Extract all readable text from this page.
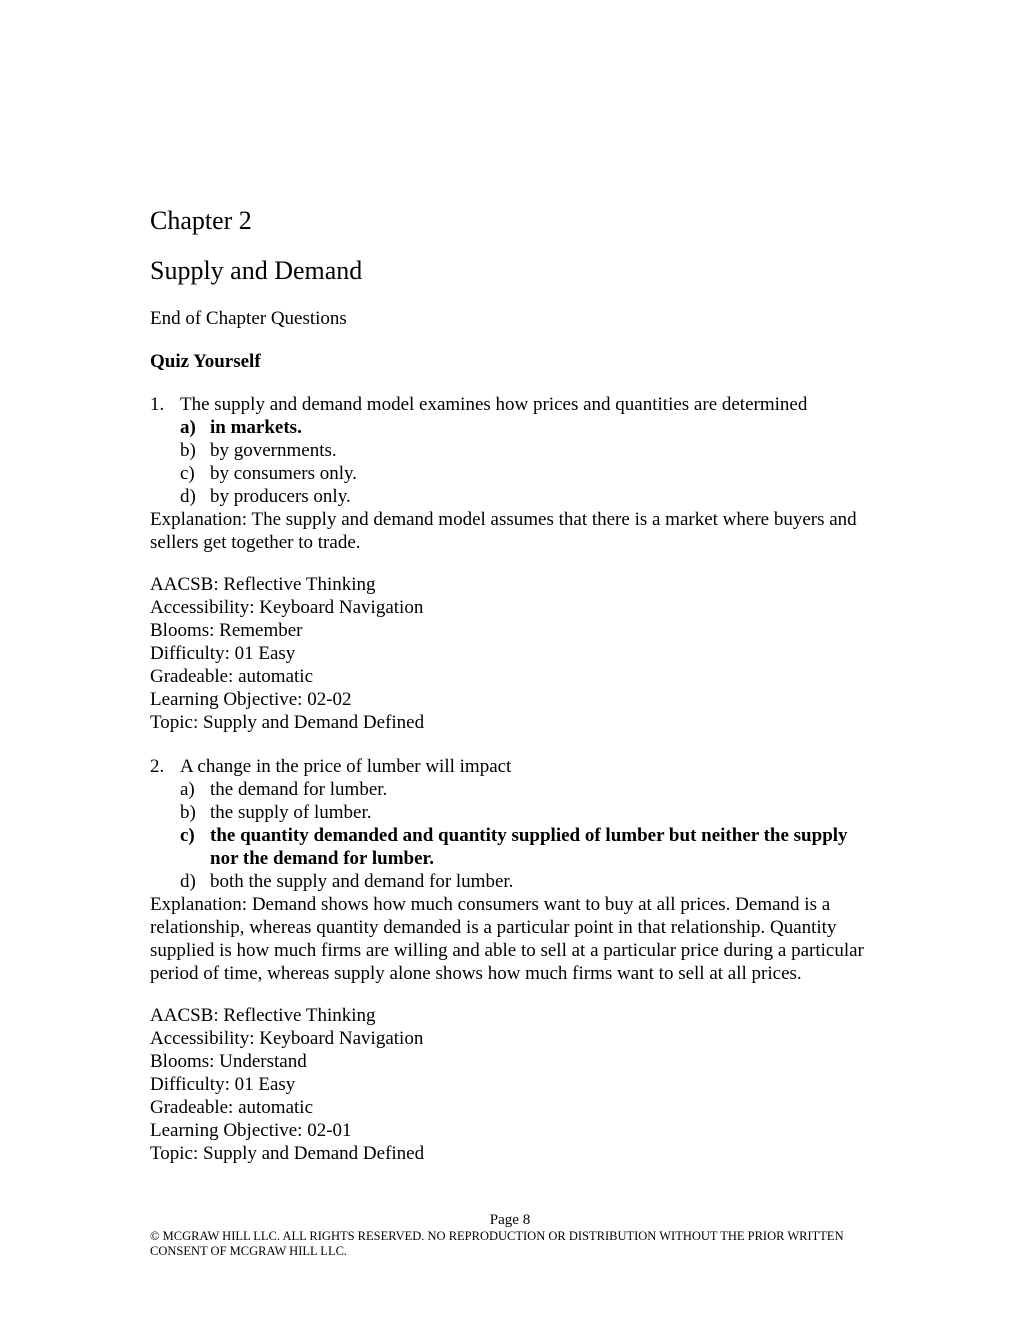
Chapter 2
Supply and Demand
End of Chapter Questions
Quiz Yourself
1. The supply and demand model examines how prices and quantities are determined
a) in markets.
b) by governments.
c) by consumers only.
d) by producers only.

Explanation: The supply and demand model assumes that there is a market where buyers and sellers get together to trade.

AACSB: Reflective Thinking
Accessibility: Keyboard Navigation
Blooms: Remember
Difficulty: 01 Easy
Gradeable: automatic
Learning Objective: 02-02
Topic: Supply and Demand Defined
2. A change in the price of lumber will impact
a) the demand for lumber.
b) the supply of lumber.
c) the quantity demanded and quantity supplied of lumber but neither the supply nor the demand for lumber.
d) both the supply and demand for lumber.

Explanation: Demand shows how much consumers want to buy at all prices. Demand is a relationship, whereas quantity demanded is a particular point in that relationship. Quantity supplied is how much firms are willing and able to sell at a particular price during a particular period of time, whereas supply alone shows how much firms want to sell at all prices.

AACSB: Reflective Thinking
Accessibility: Keyboard Navigation
Blooms: Understand
Difficulty: 01 Easy
Gradeable: automatic
Learning Objective: 02-01
Topic: Supply and Demand Defined
Page 8
© MCGRAW HILL LLC. ALL RIGHTS RESERVED. NO REPRODUCTION OR DISTRIBUTION WITHOUT THE PRIOR WRITTEN CONSENT OF MCGRAW HILL LLC.
